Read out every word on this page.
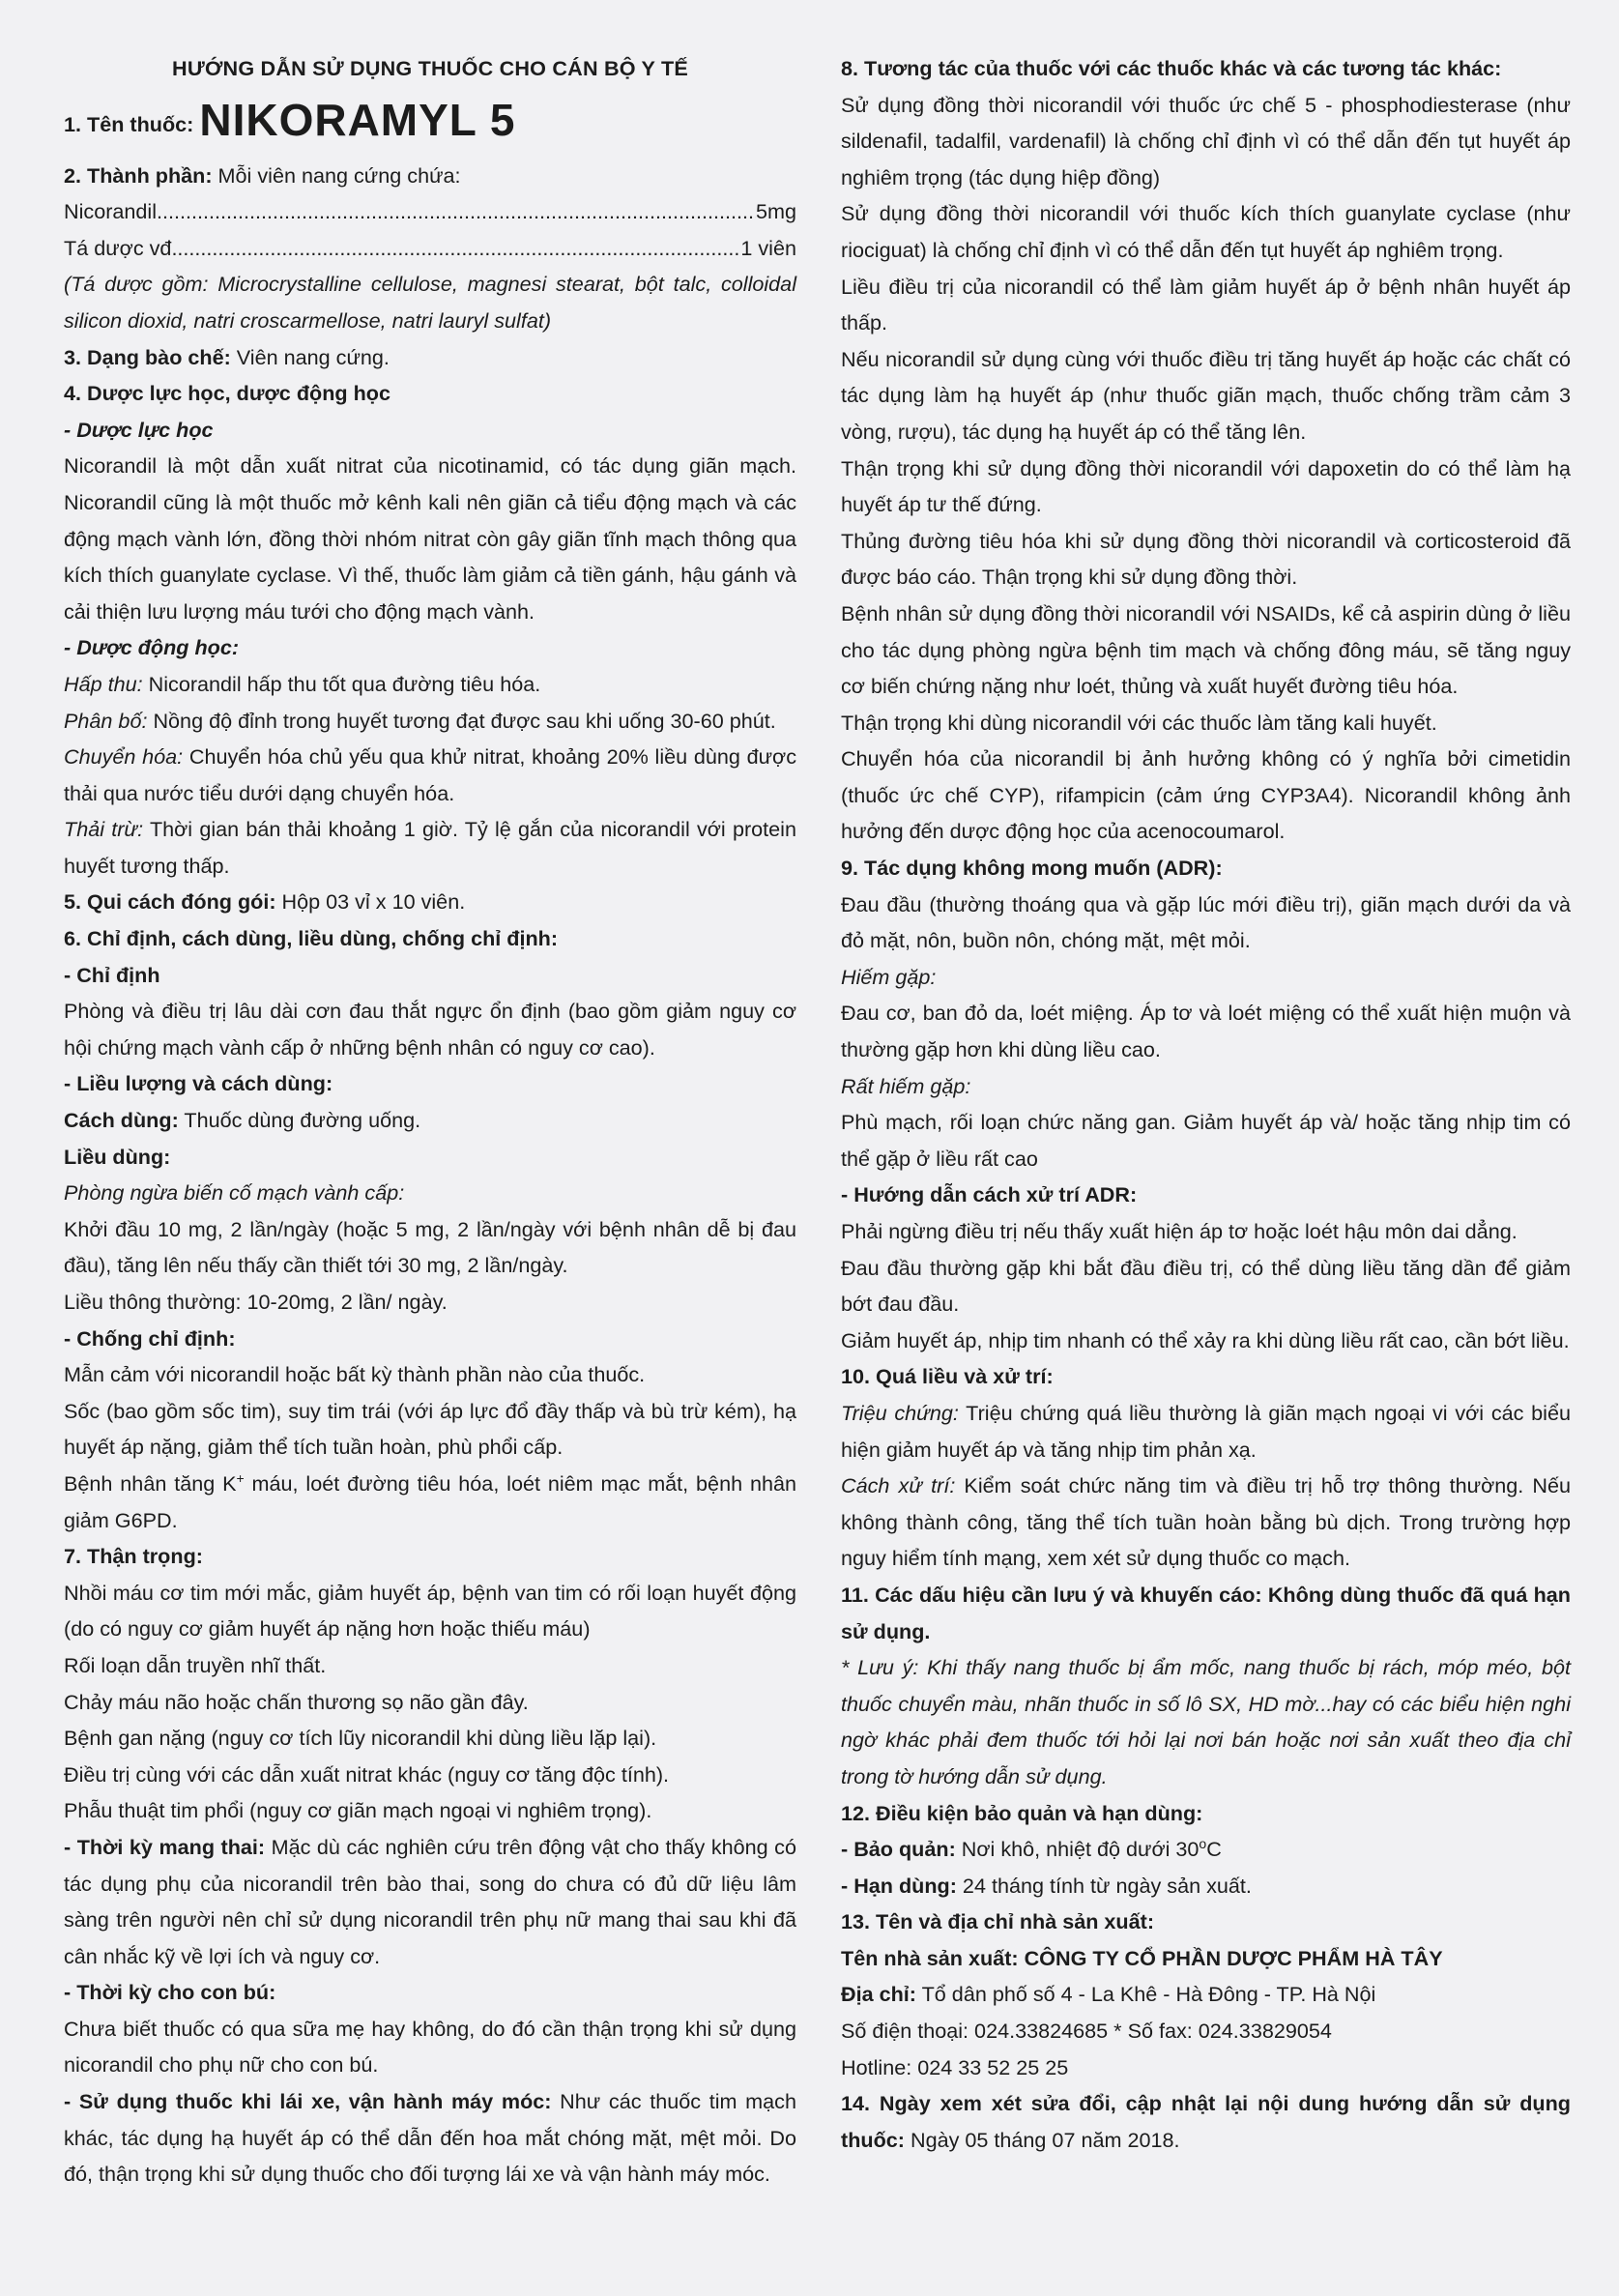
HƯỚNG DẪN SỬ DỤNG THUỐC CHO CÁN BỘ Y TẾ

1. Tên thuốc: NIKORAMYL 5

2. Thành phần: Mỗi viên nang cứng chứa:

Nicorandil .....	5mg
Tá dược vđ .....	1 viên

(Tá dược gồm: Microcrystalline cellulose, magnesi stearat, bột talc, colloidal silicon dioxid, natri croscarmellose, natri lauryl sulfat)

3. Dạng bào chế: Viên nang cứng.

4. Dược lực học, dược động học

- Dược lực học

Nicorandil là một dẫn xuất nitrat của nicotinamid, có tác dụng giãn mạch. Nicorandil cũng là một thuốc mở kênh kali nên giãn cả tiểu động mạch và các động mạch vành lớn, đồng thời nhóm nitrat còn gây giãn tĩnh mạch thông qua kích thích guanylate cyclase. Vì thế, thuốc làm giảm cả tiền gánh, hậu gánh và cải thiện lưu lượng máu tưới cho động mạch vành.

- Dược động học:

Hấp thu: Nicorandil hấp thu tốt qua đường tiêu hóa.

Phân bố: Nồng độ đỉnh trong huyết tương đạt được sau khi uống 30-60 phút.

Chuyển hóa: Chuyển hóa chủ yếu qua khử nitrat, khoảng 20% liều dùng được thải qua nước tiểu dưới dạng chuyển hóa.

Thải trừ: Thời gian bán thải khoảng 1 giờ. Tỷ lệ gắn của nicorandil với protein huyết tương thấp.

5. Qui cách đóng gói: Hộp 03 vỉ x 10 viên.

6. Chỉ định, cách dùng, liều dùng, chống chỉ định:

- Chỉ định

Phòng và điều trị lâu dài cơn đau thắt ngực ổn định (bao gồm giảm nguy cơ hội chứng mạch vành cấp ở những bệnh nhân có nguy cơ cao).

- Liều lượng và cách dùng:

Cách dùng: Thuốc dùng đường uống.

Liều dùng:

Phòng ngừa biến cố mạch vành cấp:

Khởi đầu 10 mg, 2 lần/ngày (hoặc 5 mg, 2 lần/ngày với bệnh nhân dễ bị đau đầu), tăng lên nếu thấy cần thiết tới 30 mg, 2 lần/ngày.

Liều thông thường: 10-20mg, 2 lần/ ngày.

- Chống chỉ định:

Mẫn cảm với nicorandil hoặc bất kỳ thành phần nào của thuốc.

Sốc (bao gồm sốc tim), suy tim trái (với áp lực đổ đầy thấp và bù trừ kém), hạ huyết áp nặng, giảm thể tích tuần hoàn, phù phổi cấp.

Bệnh nhân tăng K+ máu, loét đường tiêu hóa, loét niêm mạc mắt, bệnh nhân giảm G6PD.

7. Thận trọng:

Nhồi máu cơ tim mới mắc, giảm huyết áp, bệnh van tim có rối loạn huyết động (do có nguy cơ giảm huyết áp nặng hơn hoặc thiếu máu)

Rối loạn dẫn truyền nhĩ thất.

Chảy máu não hoặc chấn thương sọ não gần đây.

Bệnh gan nặng (nguy cơ tích lũy nicorandil khi dùng liều lặp lại).

Điều trị cùng với các dẫn xuất nitrat khác (nguy cơ tăng độc tính).

Phẫu thuật tim phổi (nguy cơ giãn mạch ngoại vi nghiêm trọng).

- Thời kỳ mang thai: Mặc dù các nghiên cứu trên động vật cho thấy không có tác dụng phụ của nicorandil trên bào thai, song do chưa có đủ dữ liệu lâm sàng trên người nên chỉ sử dụng nicorandil trên phụ nữ mang thai sau khi đã cân nhắc kỹ về lợi ích và nguy cơ.

- Thời kỳ cho con bú:

Chưa biết thuốc có qua sữa mẹ hay không, do đó cần thận trọng khi sử dụng nicorandil cho phụ nữ cho con bú.

- Sử dụng thuốc khi lái xe, vận hành máy móc: Như các thuốc tim mạch khác, tác dụng hạ huyết áp có thể dẫn đến hoa mắt chóng mặt, mệt mỏi. Do đó, thận trọng khi sử dụng thuốc cho đối tượng lái xe và vận hành máy móc.

8. Tương tác của thuốc với các thuốc khác và các tương tác khác:

Sử dụng đồng thời nicorandil với thuốc ức chế 5 - phosphodiesterase (như sildenafil, tadalfil, vardenafil) là chống chỉ định vì có thể dẫn đến tụt huyết áp nghiêm trọng (tác dụng hiệp đồng)

Sử dụng đồng thời nicorandil với thuốc kích thích guanylate cyclase (như riociguat) là chống chỉ định vì có thể dẫn đến tụt huyết áp nghiêm trọng.

Liều điều trị của nicorandil có thể làm giảm huyết áp ở bệnh nhân huyết áp thấp.

Nếu nicorandil sử dụng cùng với thuốc điều trị tăng huyết áp hoặc các chất có tác dụng làm hạ huyết áp (như thuốc giãn mạch, thuốc chống trầm cảm 3 vòng, rượu), tác dụng hạ huyết áp có thể tăng lên.

Thận trọng khi sử dụng đồng thời nicorandil với dapoxetin do có thể làm hạ huyết áp tư thế đứng.

Thủng đường tiêu hóa khi sử dụng đồng thời nicorandil và corticosteroid đã được báo cáo. Thận trọng khi sử dụng đồng thời.

Bệnh nhân sử dụng đồng thời nicorandil với NSAIDs, kể cả aspirin dùng ở liều cho tác dụng phòng ngừa bệnh tim mạch và chống đông máu, sẽ tăng nguy cơ biến chứng nặng như loét, thủng và xuất huyết đường tiêu hóa.

Thận trọng khi dùng nicorandil với các thuốc làm tăng kali huyết.

Chuyển hóa của nicorandil bị ảnh hưởng không có ý nghĩa bởi cimetidin (thuốc ức chế CYP), rifampicin (cảm ứng CYP3A4). Nicorandil không ảnh hưởng đến dược động học của acenocoumarol.

9. Tác dụng không mong muốn (ADR):

Đau đầu (thường thoáng qua và gặp lúc mới điều trị), giãn mạch dưới da và đỏ mặt, nôn, buồn nôn, chóng mặt, mệt mỏi.

Hiếm gặp:

Đau cơ, ban đỏ da, loét miệng. Áp tơ và loét miệng có thể xuất hiện muộn và thường gặp hơn khi dùng liều cao.

Rất hiếm gặp:

Phù mạch, rối loạn chức năng gan. Giảm huyết áp và/ hoặc tăng nhịp tim có thể gặp ở liều rất cao

- Hướng dẫn cách xử trí ADR:

Phải ngừng điều trị nếu thấy xuất hiện áp tơ hoặc loét hậu môn dai dẳng.

Đau đầu thường gặp khi bắt đầu điều trị, có thể dùng liều tăng dần để giảm bớt đau đầu.

Giảm huyết áp, nhịp tim nhanh có thể xảy ra khi dùng liều rất cao, cần bớt liều.

10. Quá liều và xử trí:

Triệu chứng: Triệu chứng quá liều thường là giãn mạch ngoại vi với các biểu hiện giảm huyết áp và tăng nhịp tim phản xạ.

Cách xử trí: Kiểm soát chức năng tim và điều trị hỗ trợ thông thường. Nếu không thành công, tăng thể tích tuần hoàn bằng bù dịch. Trong trường hợp nguy hiểm tính mạng, xem xét sử dụng thuốc co mạch.

11. Các dấu hiệu cần lưu ý và khuyến cáo: Không dùng thuốc đã quá hạn sử dụng.

* Lưu ý: Khi thấy nang thuốc bị ẩm mốc, nang thuốc bị rách, móp méo, bột thuốc chuyển màu, nhãn thuốc in số lô SX, HD mờ...hay có các biểu hiện nghi ngờ khác phải đem thuốc tới hỏi lại nơi bán hoặc nơi sản xuất theo địa chỉ trong tờ hướng dẫn sử dụng.

12. Điều kiện bảo quản và hạn dùng:

- Bảo quản: Nơi khô, nhiệt độ dưới 30$^o$C

- Hạn dùng: 24 tháng tính từ ngày sản xuất.

13. Tên và địa chỉ nhà sản xuất:

Tên nhà sản xuất: CÔNG TY CỔ PHẦN DƯỢC PHẨM HÀ TÂY

Địa chỉ: Tổ dân phố số 4 - La Khê - Hà Đông - TP. Hà Nội

Số điện thoại: 024.33824685 * Số fax: 024.33829054

Hotline: 024 33 52 25 25

14. Ngày xem xét sửa đổi, cập nhật lại nội dung hướng dẫn sử dụng thuốc: Ngày 05 tháng 07 năm 2018.
